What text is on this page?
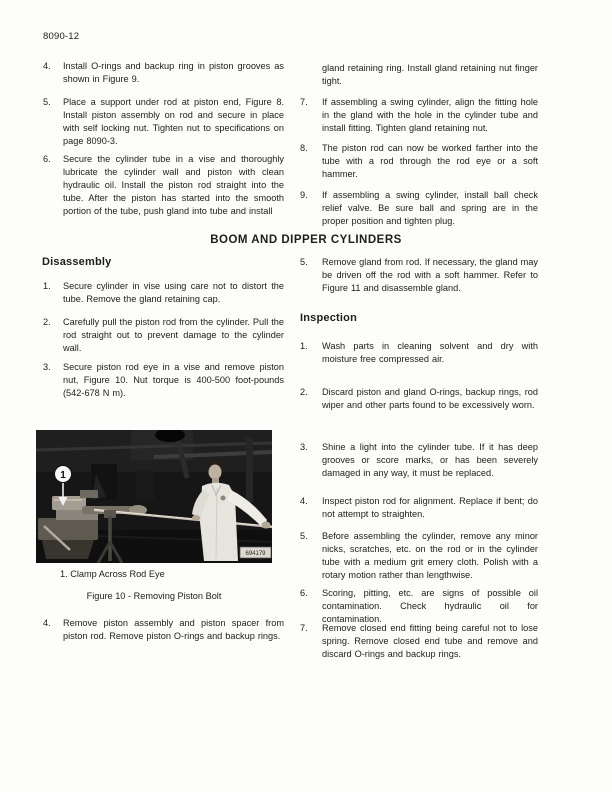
8090-12
4. Install O-rings and backup ring in piston grooves as shown in Figure 9.
5. Place a support under rod at piston end, Figure 8. Install piston assembly on rod and secure in place with self locking nut. Tighten nut to specifications on page 8090-3.
6. Secure the cylinder tube in a vise and thoroughly lubricate the cylinder wall and piston with clean hydraulic oil. Install the piston rod straight into the tube. After the piston has started into the smooth portion of the tube, push gland into tube and install
gland retaining ring. Install gland retaining nut finger tight.
7. If assembling a swing cylinder, align the fitting hole in the gland with the hole in the cylinder tube and install fitting. Tighten gland retaining nut.
8. The piston rod can now be worked farther into the tube with a rod through the rod eye or a soft hammer.
9. If assembling a swing cylinder, install ball check relief valve. Be sure ball and spring are in the proper position and tighten plug.
BOOM AND DIPPER CYLINDERS
Disassembly
1. Secure cylinder in vise using care not to distort the tube. Remove the gland retaining cap.
2. Carefully pull the piston rod from the cylinder. Pull the rod straight out to prevent damage to the cylinder wall.
3. Secure piston rod eye in a vise and remove piston nut, Figure 10. Nut torque is 400-500 foot-pounds (542-678 N m).
1
694179
1. Clamp Across Rod Eye
Figure 10 - Removing Piston Bolt
4. Remove piston assembly and piston spacer from piston rod. Remove piston O-rings and backup rings.
5. Remove gland from rod. If necessary, the gland may be driven off the rod with a soft hammer. Refer to Figure 11 and disassemble gland.
Inspection
1. Wash parts in cleaning solvent and dry with moisture free compressed air.
2. Discard piston and gland O-rings, backup rings, rod wiper and other parts found to be excessively worn.
3. Shine a light into the cylinder tube. If it has deep grooves or score marks, or has been severely damaged in any way, it must be replaced.
4. Inspect piston rod for alignment. Replace if bent; do not attempt to straighten.
5. Before assembling the cylinder, remove any minor nicks, scratches, etc. on the rod or in the cylinder tube with a medium grit emery cloth. Polish with a rotary motion rather than lengthwise.
6. Scoring, pitting, etc. are signs of possible oil contamination. Check hydraulic oil for contamination.
7. Remove closed end fitting being careful not to lose spring. Remove closed end tube and remove and discard O-rings and backup rings.
